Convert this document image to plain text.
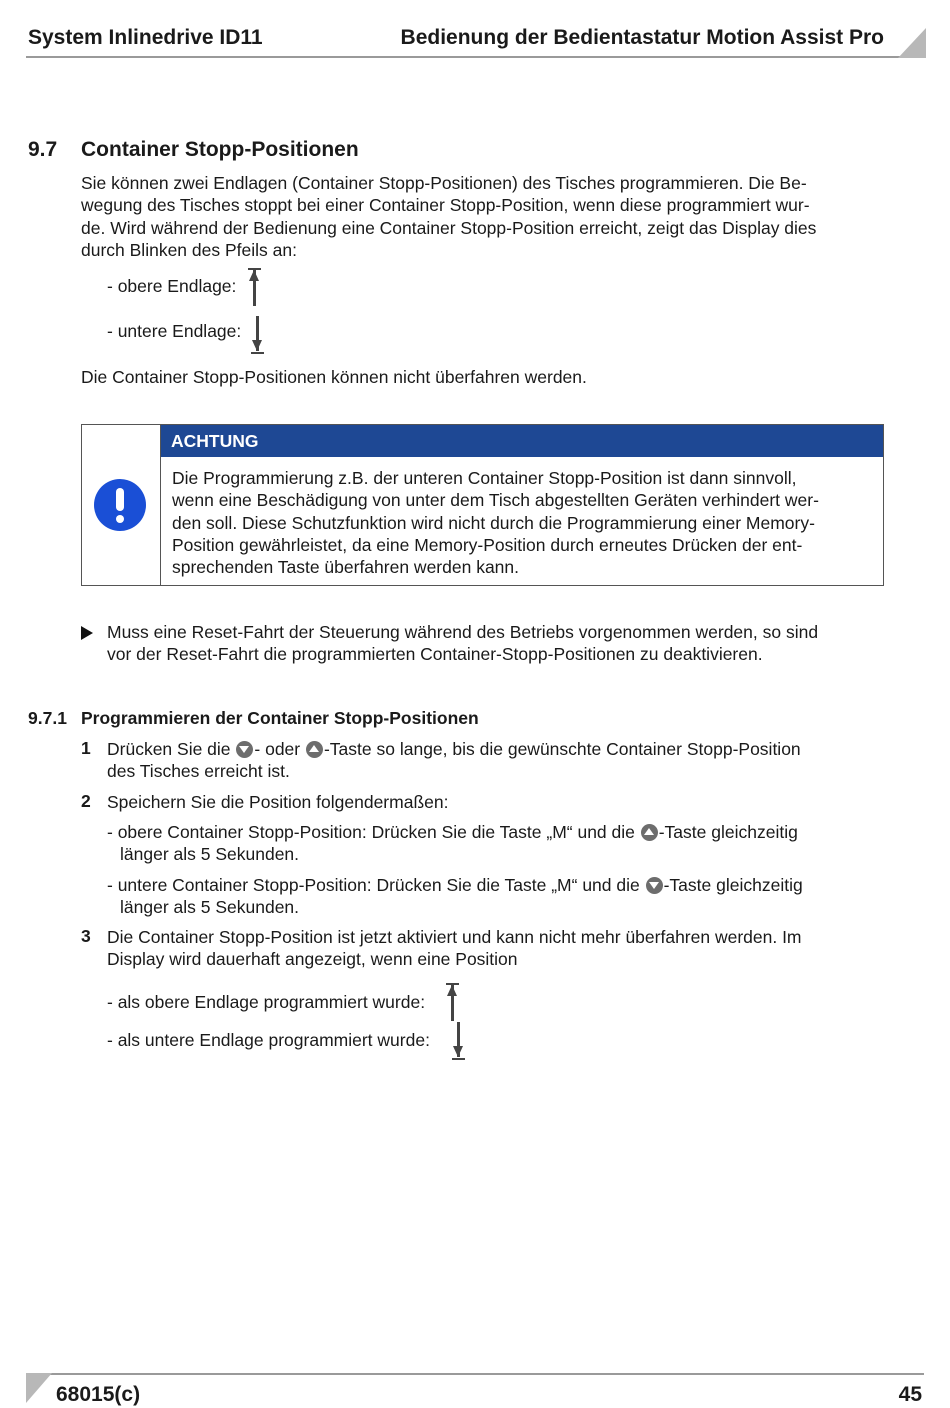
System Inlinedrive ID11	Bedienung der Bedientastatur Motion Assist Pro
9.7 Container Stopp-Positionen
Sie können zwei Endlagen (Container Stopp-Positionen) des Tisches programmieren. Die Be-
wegung des Tisches stoppt bei einer Container Stopp-Position, wenn diese programmiert wur-
de. Wird während der Bedienung eine Container Stopp-Position erreicht, zeigt das Display dies
durch Blinken des Pfeils an:
- obere Endlage:
- untere Endlage:
Die Container Stopp-Positionen können nicht überfahren werden.
ACHTUNG
Die Programmierung z.B. der unteren Container Stopp-Position ist dann sinnvoll,
wenn eine Beschädigung von unter dem Tisch abgestellten Geräten verhindert wer-
den soll. Diese Schutzfunktion wird nicht durch die Programmierung einer Memory-
Position gewährleistet, da eine Memory-Position durch erneutes Drücken der ent-
sprechenden Taste überfahren werden kann.
Muss eine Reset-Fahrt der Steuerung während des Betriebs vorgenommen werden, so sind
vor der Reset-Fahrt die programmierten Container-Stopp-Positionen zu deaktivieren.
9.7.1 Programmieren der Container Stopp-Positionen
1 Drücken Sie die
- oder
-Taste so lange, bis die gewünschte Container Stopp-Position
des Tisches erreicht ist.
2 Speichern Sie die Position folgendermaßen:
- obere Container Stopp-Position: Drücken Sie die Taste „M“ und die
-Taste gleichzeitig
länger als 5 Sekunden.
- untere Container Stopp-Position: Drücken Sie die Taste „M“ und die
-Taste gleichzeitig
länger als 5 Sekunden.
3 Die Container Stopp-Position ist jetzt aktiviert und kann nicht mehr überfahren werden. Im
Display wird dauerhaft angezeigt, wenn eine Position
- als obere Endlage programmiert wurde:
- als untere Endlage programmiert wurde:
68015(c)	45
